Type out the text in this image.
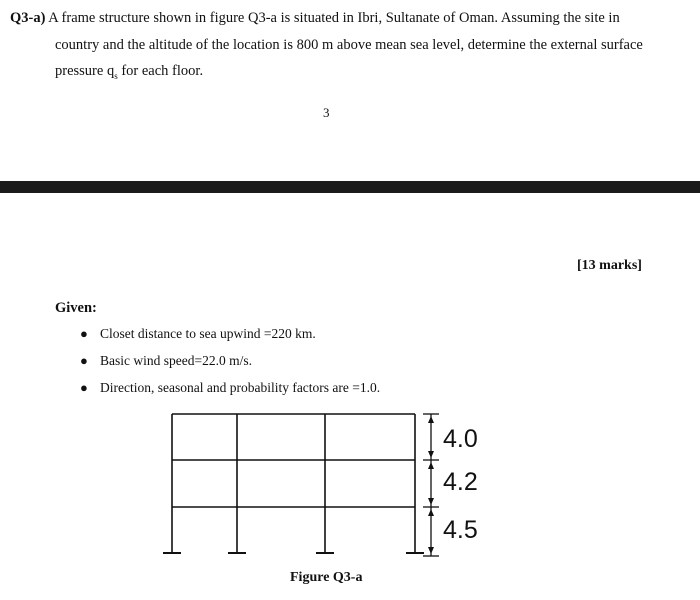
Q3-a) A frame structure shown in figure Q3-a is situated in Ibri, Sultanate of Oman. Assuming the site in
country and the altitude of the location is 800 m above mean sea level, determine the external surface
pressure $q_s$ for each floor.
3
[13 marks]
Given:
● Closet distance to sea upwind =220 km.
● Basic wind speed=22.0 m/s.
● Direction, seasonal and probability factors are =1.0.
4.0
4.2
4.5
Figure Q3-a
